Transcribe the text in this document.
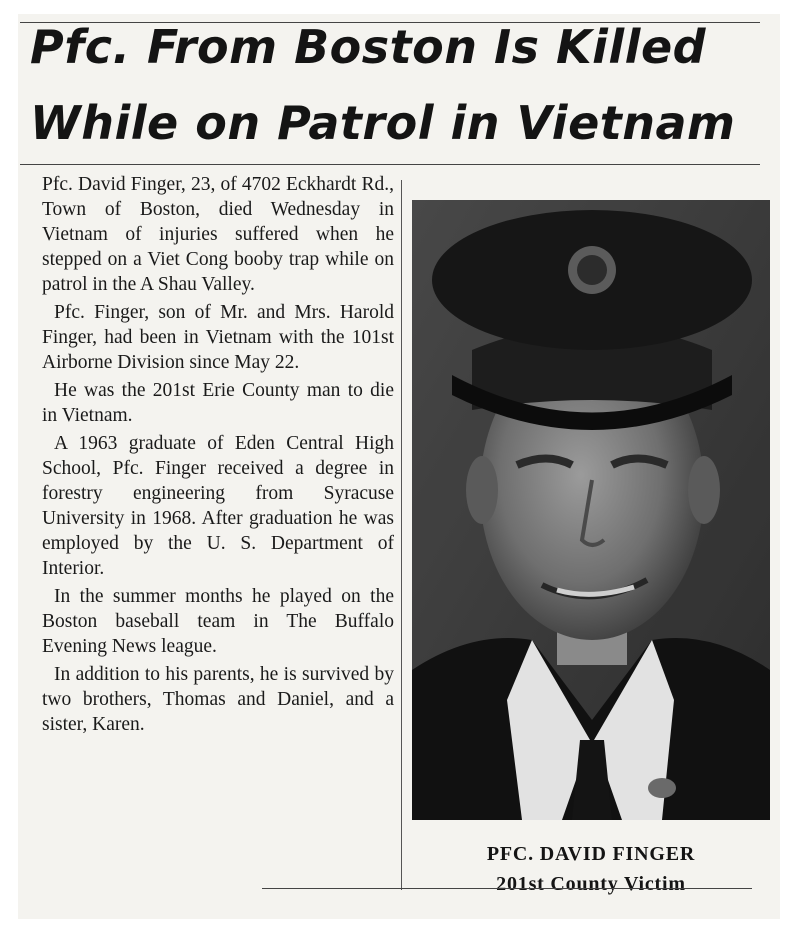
Pfc. From Boston Is Killed
While on Patrol in Vietnam

Pfc. David Finger, 23, of 4702 Eckhardt Rd., Town of Boston, died Wednesday in Vietnam of injuries suffered when he stepped on a Viet Cong booby trap while on patrol in the A Shau Valley.

Pfc. Finger, son of Mr. and Mrs. Harold Finger, had been in Vietnam with the 101st Airborne Division since May 22.

He was the 201st Erie County man to die in Vietnam.

A 1963 graduate of Eden Central High School, Pfc. Finger received a degree in forestry engineering from Syracuse University in 1968. After graduation he was employed by the U. S. Department of Interior.

In the summer months he played on the Boston baseball team in The Buffalo Evening News league.

In addition to his parents, he is survived by two brothers, Thomas and Daniel, and a sister, Karen.

PFC. DAVID FINGER
201st County Victim
